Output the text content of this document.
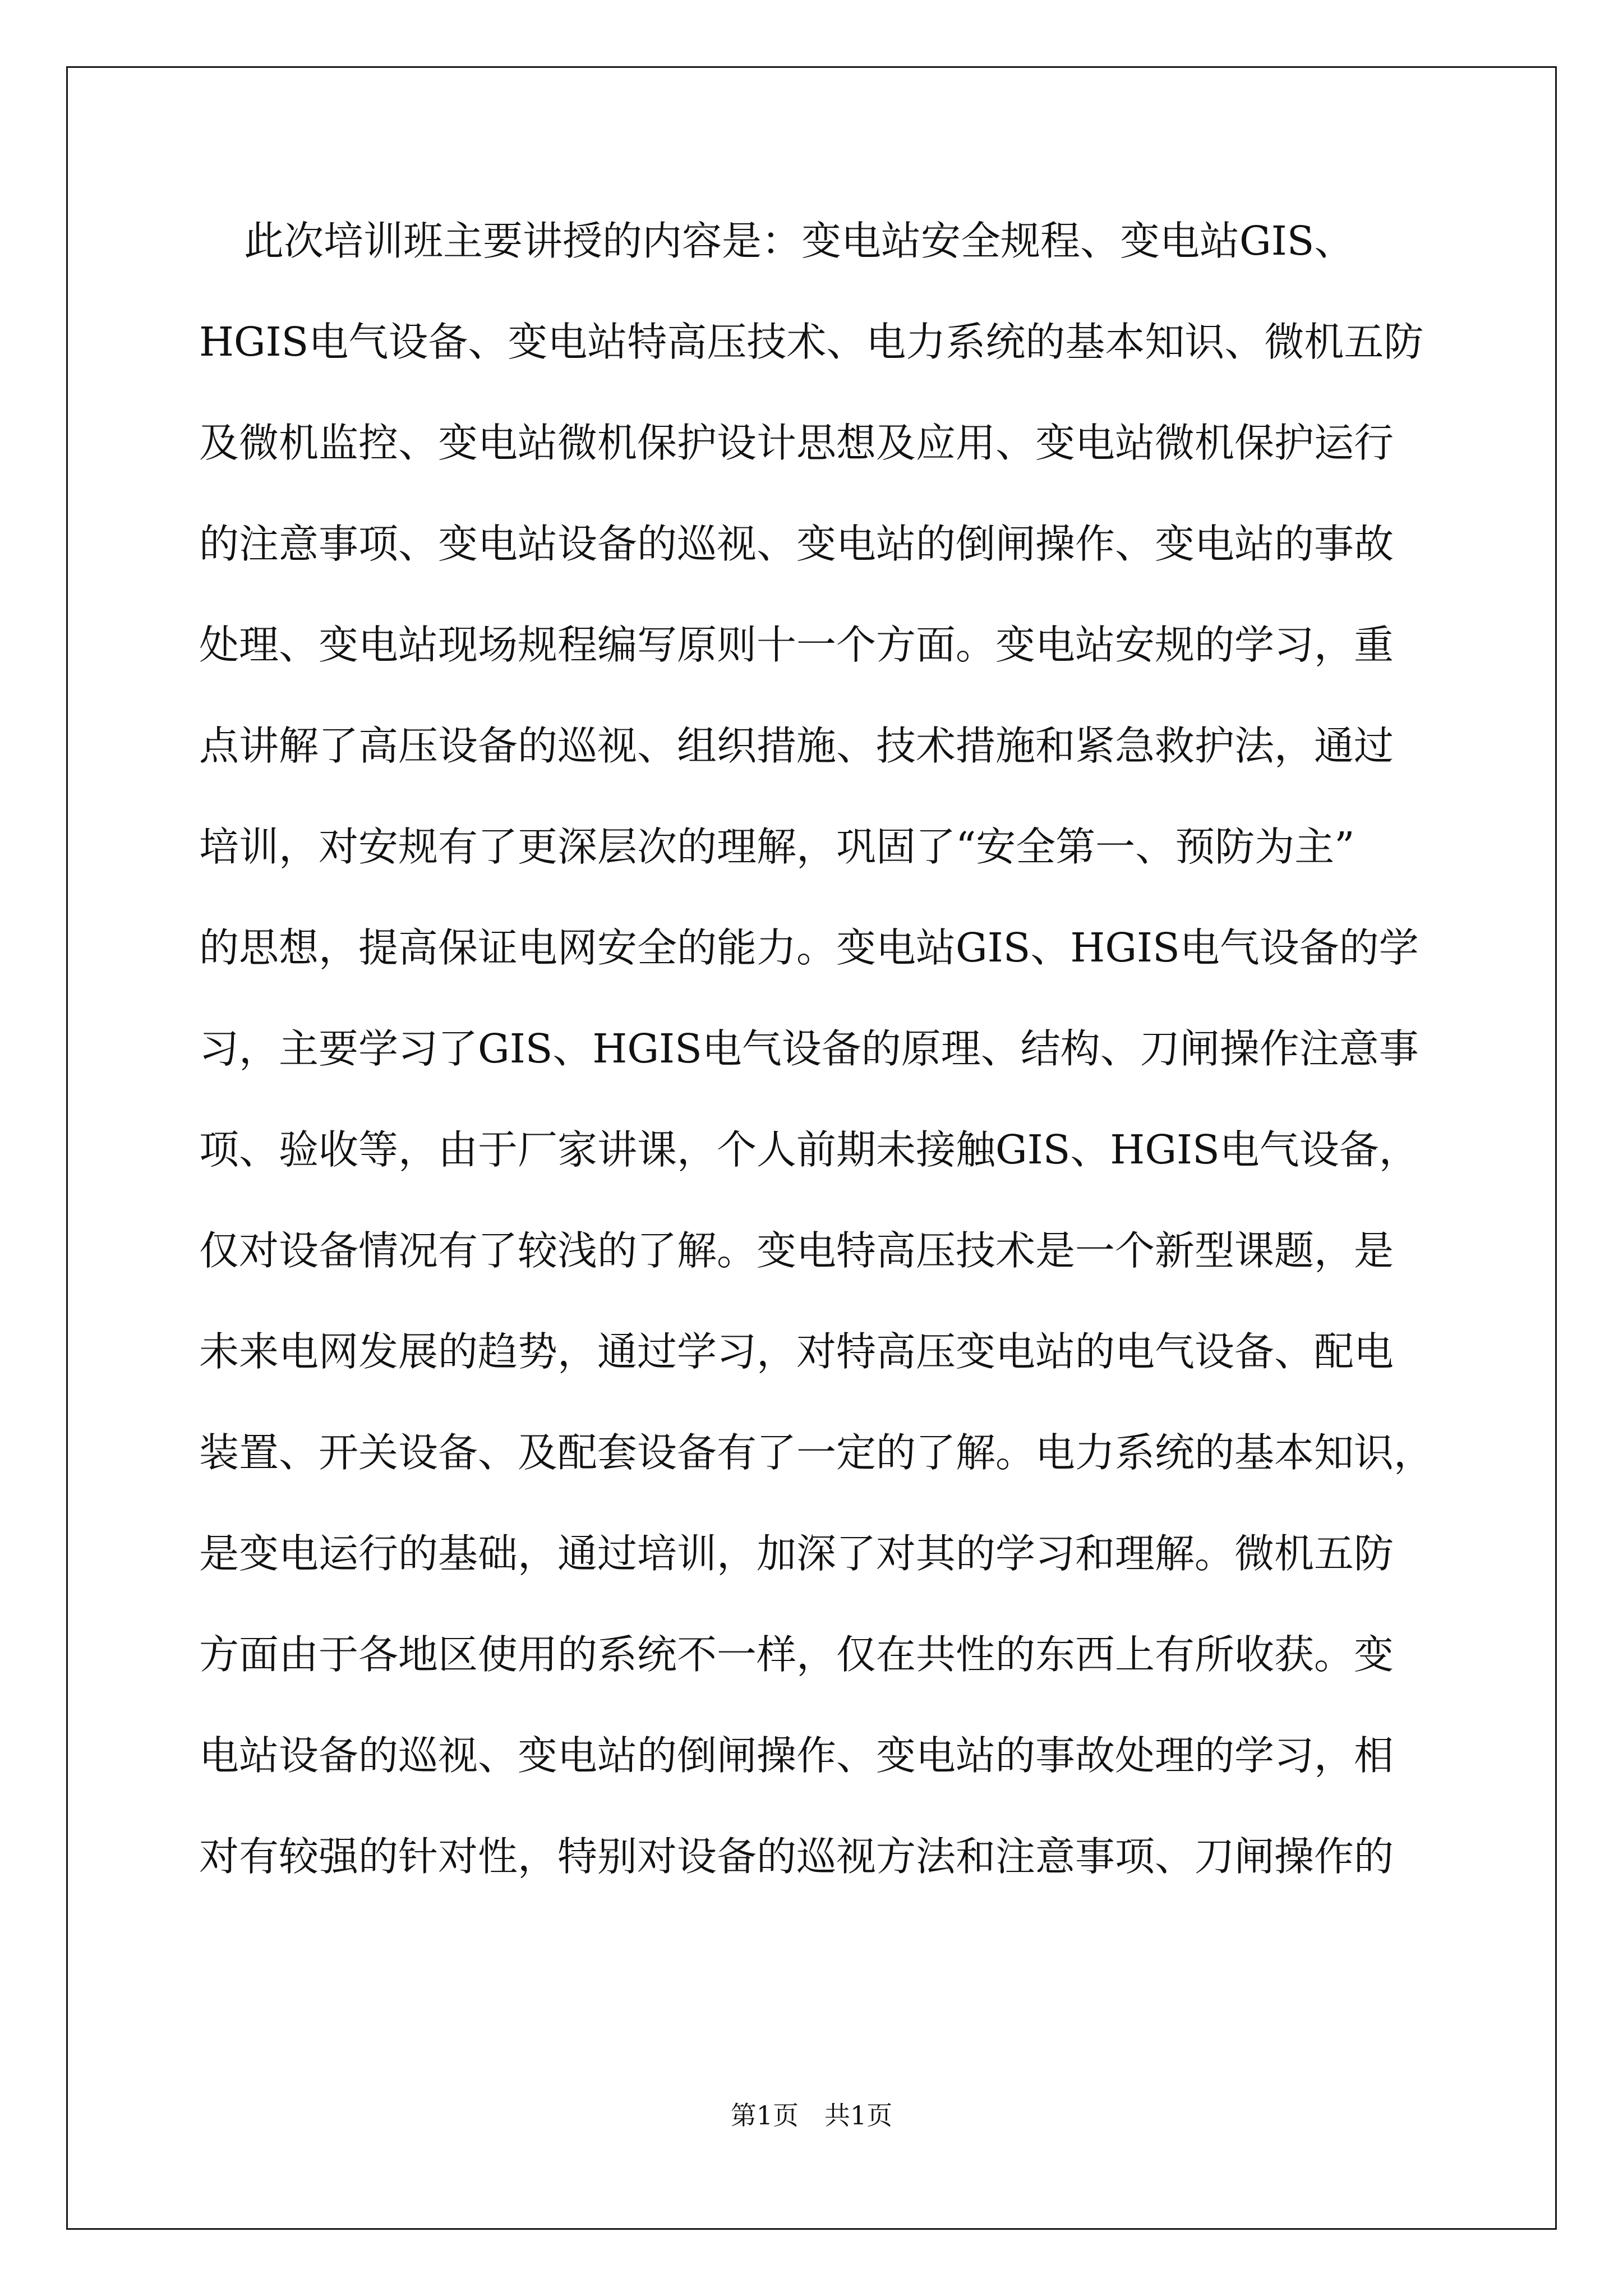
此次培训班主要讲授的内容是：变电站安全规程、变电站GIS、
HGIS电气设备、变电站特高压技术、电力系统的基本知识、微机五防
及微机监控、变电站微机保护设计思想及应用、变电站微机保护运行
的注意事项、变电站设备的巡视、变电站的倒闸操作、变电站的事故
处理、变电站现场规程编写原则十一个方面。变电站安规的学习，重
点讲解了高压设备的巡视、组织措施、技术措施和紧急救护法，通过
培训，对安规有了更深层次的理解，巩固了“安全第一、预防为主”
的思想，提高保证电网安全的能力。变电站GIS、HGIS电气设备的学
习，主要学习了GIS、HGIS电气设备的原理、结构、刀闸操作注意事
项、验收等，由于厂家讲课，个人前期未接触GIS、HGIS电气设备，
仅对设备情况有了较浅的了解。变电特高压技术是一个新型课题，是
未来电网发展的趋势，通过学习，对特高压变电站的电气设备、配电
装置、开关设备、及配套设备有了一定的了解。电力系统的基本知识，
是变电运行的基础，通过培训，加深了对其的学习和理解。微机五防
方面由于各地区使用的系统不一样，仅在共性的东西上有所收获。变
电站设备的巡视、变电站的倒闸操作、变电站的事故处理的学习，相
对有较强的针对性，特别对设备的巡视方法和注意事项、刀闸操作的
第1页　共1页
